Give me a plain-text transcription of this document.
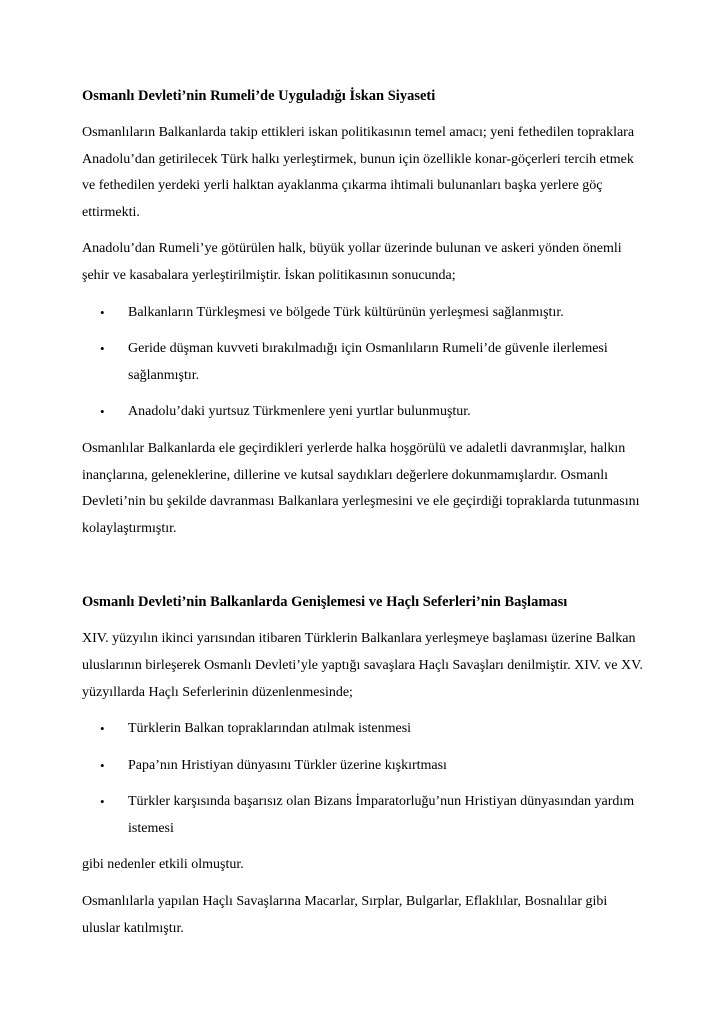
Osmanlı Devleti’nin Rumeli’de Uyguladığı İskan Siyaseti

Osmanlıların Balkanlarda takip ettikleri iskan politikasının temel amacı; yeni fethedilen topraklara Anadolu’dan getirilecek Türk halkı yerleştirmek, bunun için özellikle konar-göçerleri tercih etmek ve fethedilen yerdeki yerli halktan ayaklanma çıkarma ihtimali bulunanları başka yerlere göç ettirmekti.

Anadolu’dan Rumeli’ye götürülen halk, büyük yollar üzerinde bulunan ve askeri yönden önemli şehir ve kasabalara yerleştirilmiştir. İskan politikasının sonucunda;

• Balkanların Türkleşmesi ve bölgede Türk kültürünün yerleşmesi sağlanmıştır.
• Geride düşman kuvveti bırakılmadığı için Osmanlıların Rumeli’de güvenle ilerlemesi sağlanmıştır.
• Anadolu’daki yurtsuz Türkmenlere yeni yurtlar bulunmuştur.

Osmanlılar Balkanlarda ele geçirdikleri yerlerde halka hoşgörülü ve adaletli davranmışlar, halkın inançlarına, geleneklerine, dillerine ve kutsal saydıkları değerlere dokunmamışlardır. Osmanlı Devleti’nin bu şekilde davranması Balkanlara yerleşmesini ve ele geçirdiği topraklarda tutunmasını kolaylaştırmıştır.

Osmanlı Devleti’nin Balkanlarda Genişlemesi ve Haçlı Seferleri’nin Başlaması

XIV. yüzyılın ikinci yarısından itibaren Türklerin Balkanlara yerleşmeye başlaması üzerine Balkan uluslarının birleşerek Osmanlı Devleti’yle yaptığı savaşlara Haçlı Savaşları denilmiştir. XIV. ve XV. yüzyıllarda Haçlı Seferlerinin düzenlenmesinde;

• Türklerin Balkan topraklarından atılmak istenmesi
• Papa’nın Hristiyan dünyasını Türkler üzerine kışkırtması
• Türkler karşısında başarısız olan Bizans İmparatorluğu’nun Hristiyan dünyasından yardım istemesi

gibi nedenler etkili olmuştur.

Osmanlılarla yapılan Haçlı Savaşlarına Macarlar, Sırplar, Bulgarlar, Eflaklılar, Bosnalılar gibi uluslar katılmıştır.
